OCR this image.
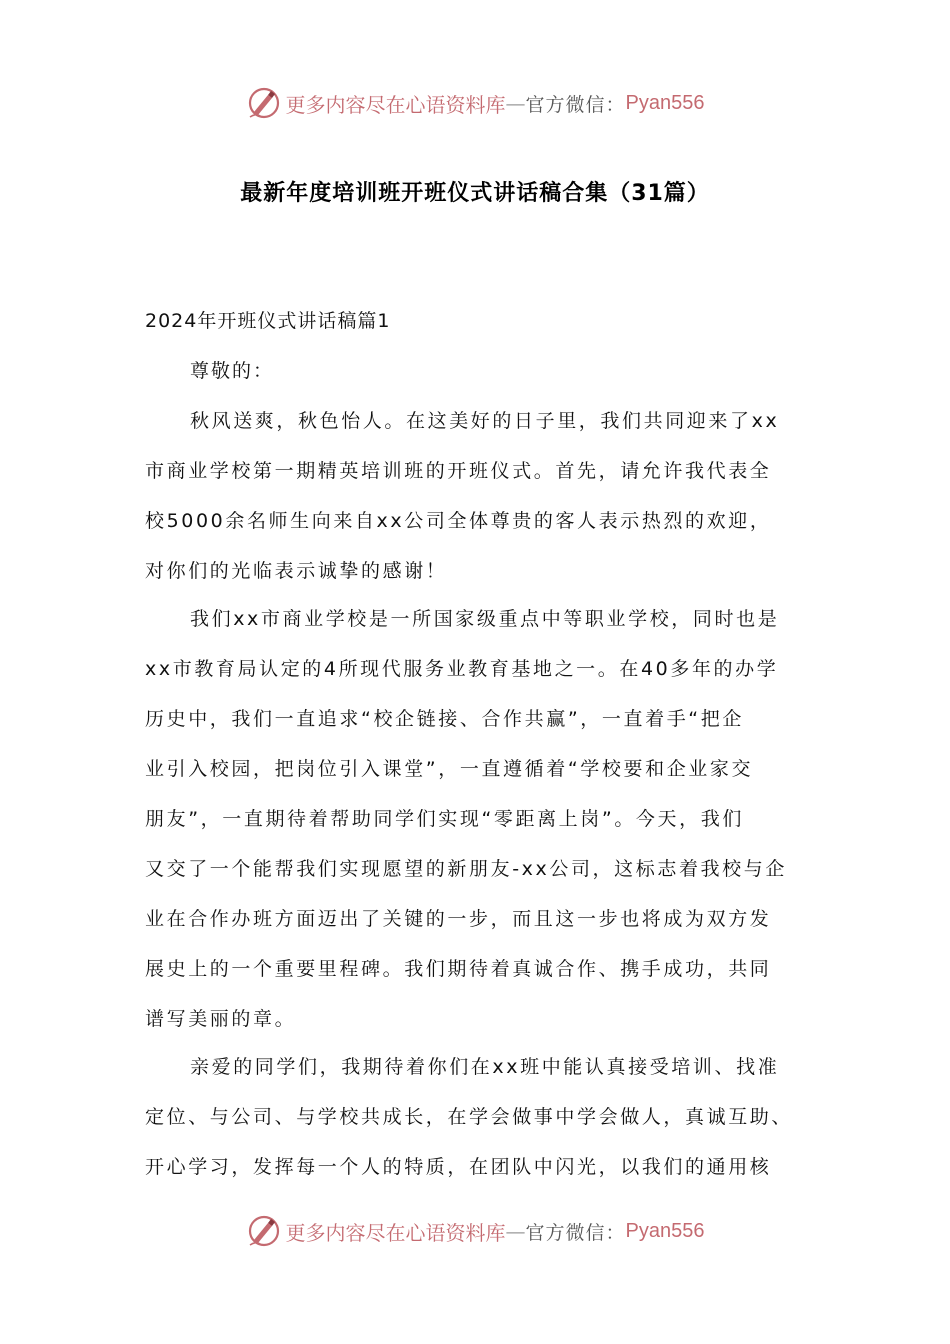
更多内容尽在心语资料库 — 官方微信： Pyan556
最新年度培训班开班仪式讲话稿合集（31篇）
2024年开班仪式讲话稿篇1
尊敬的：
秋风送爽，秋色怡人。在这美好的日子里，我们共同迎来了xx
市商业学校第一期精英培训班的开班仪式。首先，请允许我代表全
校5000余名师生向来自xx公司全体尊贵的客人表示热烈的欢迎，
对你们的光临表示诚挚的感谢！
我们xx市商业学校是一所国家级重点中等职业学校，同时也是
xx市教育局认定的4所现代服务业教育基地之一。在40多年的办学
历史中，我们一直追求“校企链接、合作共赢”，一直着手“把企
业引入校园，把岗位引入课堂”，一直遵循着“学校要和企业家交
朋友”，一直期待着帮助同学们实现“零距离上岗”。今天，我们
又交了一个能帮我们实现愿望的新朋友-xx公司，这标志着我校与企
业在合作办班方面迈出了关键的一步，而且这一步也将成为双方发
展史上的一个重要里程碑。我们期待着真诚合作、携手成功，共同
谱写美丽的章。
亲爱的同学们，我期待着你们在xx班中能认真接受培训、找准
定位、与公司、与学校共成长，在学会做事中学会做人，真诚互助、
开心学习，发挥每一个人的特质，在团队中闪光，以我们的通用核
更多内容尽在心语资料库 — 官方微信： Pyan556
